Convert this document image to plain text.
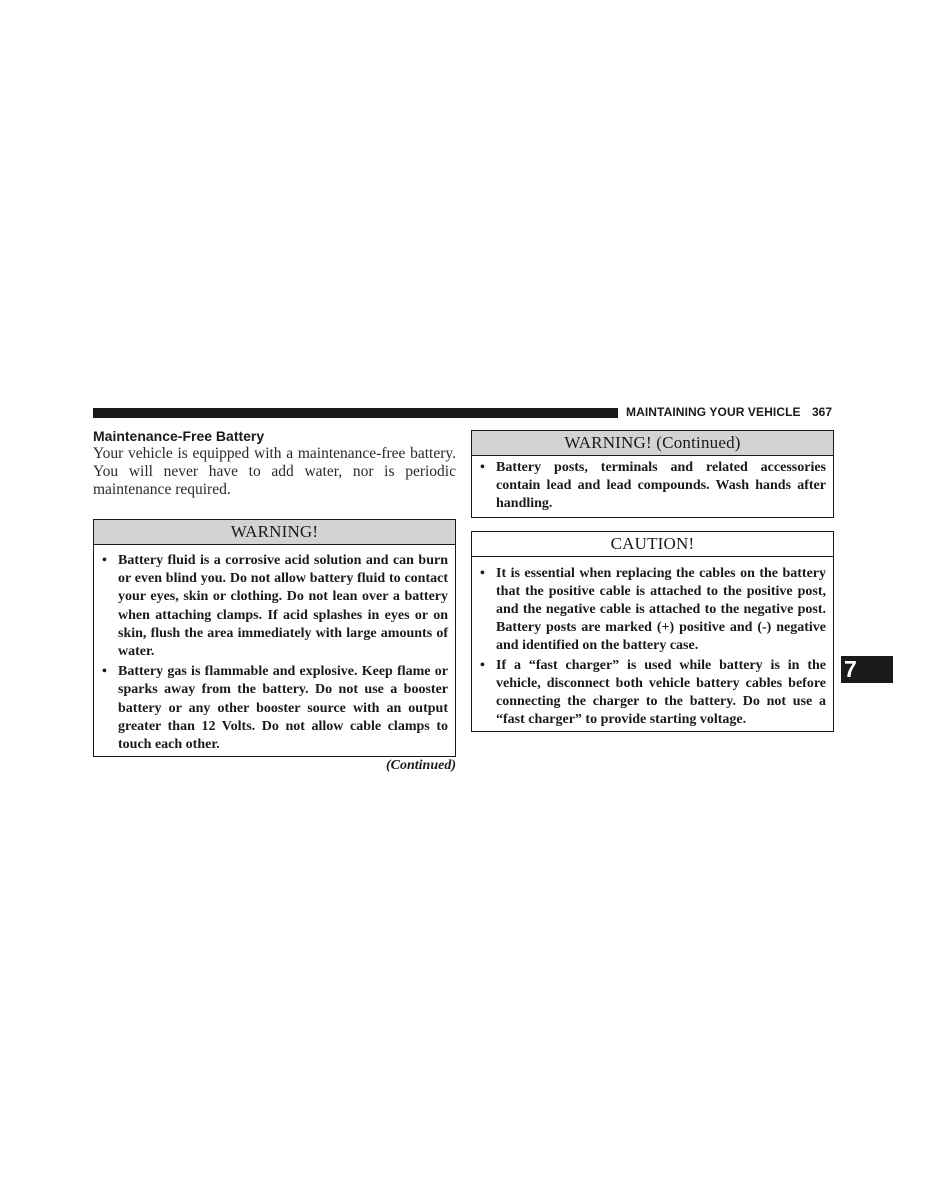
MAINTAINING YOUR VEHICLE 367
Maintenance-Free Battery

Your vehicle is equipped with a maintenance-free battery. You will never have to add water, nor is periodic maintenance required.

WARNING!
• Battery fluid is a corrosive acid solution and can burn or even blind you. Do not allow battery fluid to contact your eyes, skin or clothing. Do not lean over a battery when attaching clamps. If acid splashes in eyes or on skin, flush the area immediately with large amounts of water.
• Battery gas is flammable and explosive. Keep flame or sparks away from the battery. Do not use a booster battery or any other booster source with an output greater than 12 Volts. Do not allow cable clamps to touch each other.
(Continued)
WARNING! (Continued)
• Battery posts, terminals and related accessories contain lead and lead compounds. Wash hands after handling.
CAUTION!
• It is essential when replacing the cables on the battery that the positive cable is attached to the positive post, and the negative cable is attached to the negative post. Battery posts are marked (+) positive and (-) negative and identified on the battery case.
• If a “fast charger” is used while battery is in the vehicle, disconnect both vehicle battery cables before connecting the charger to the battery. Do not use a “fast charger” to provide starting voltage.
7
